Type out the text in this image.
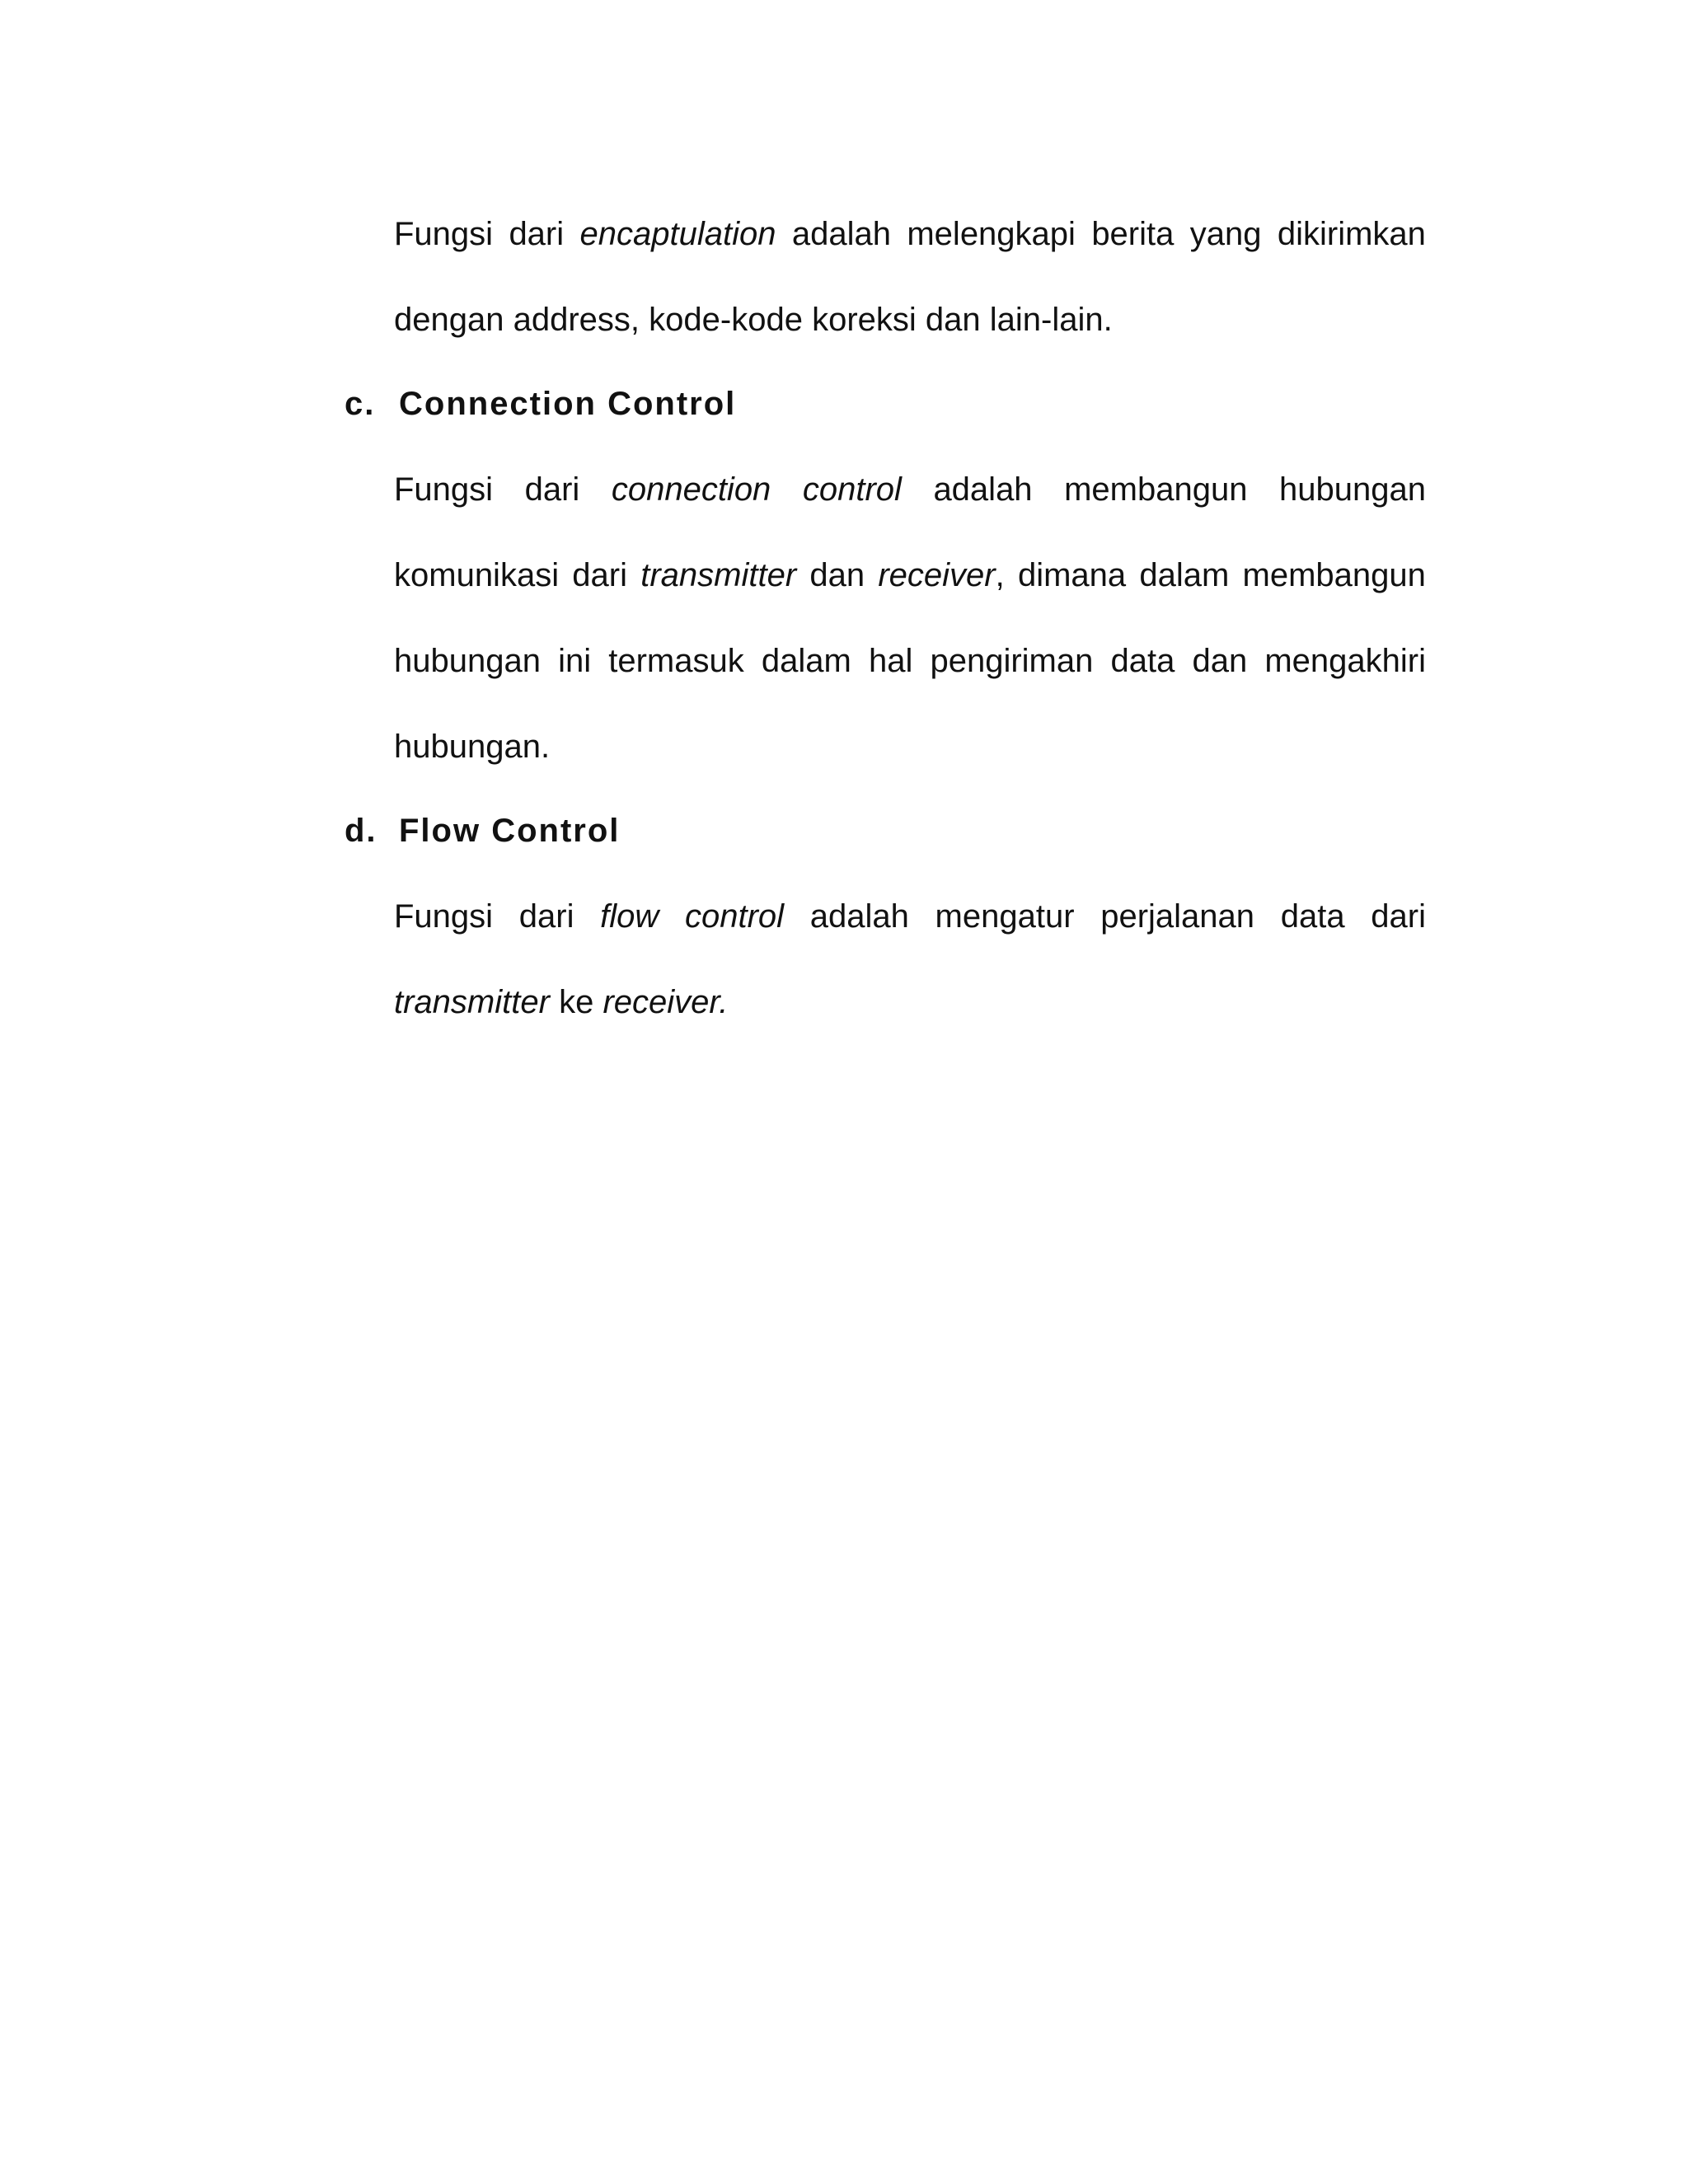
Fungsi dari encaptulation adalah melengkapi berita yang dikirimkan
dengan address, kode-kode koreksi dan lain-lain.

c. Connection Control

Fungsi dari connection control adalah membangun hubungan
komunikasi dari transmitter dan receiver, dimana dalam membangun
hubungan ini termasuk dalam hal pengiriman data dan mengakhiri
hubungan.

d. Flow Control

Fungsi dari flow control adalah mengatur perjalanan data dari
transmitter ke receiver.
